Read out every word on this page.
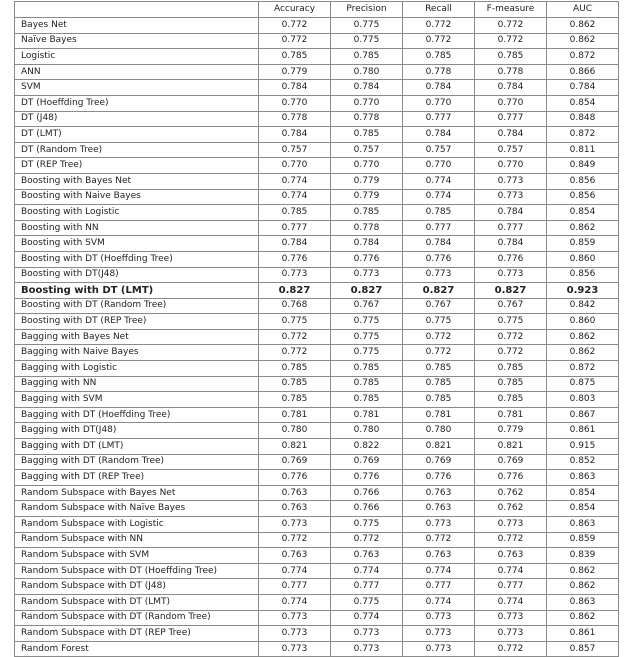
	Accuracy	Precision	Recall	F-measure	AUC
Bayes Net	0.772	0.775	0.772	0.772	0.862
Naïve Bayes	0.772	0.775	0.772	0.772	0.862
Logistic	0.785	0.785	0.785	0.785	0.872
ANN	0.779	0.780	0.778	0.778	0.866
SVM	0.784	0.784	0.784	0.784	0.784
DT (Hoeffding Tree)	0.770	0.770	0.770	0.770	0.854
DT (J48)	0.778	0.778	0.777	0.777	0.848
DT (LMT)	0.784	0.785	0.784	0.784	0.872
DT (Random Tree)	0.757	0.757	0.757	0.757	0.811
DT (REP Tree)	0.770	0.770	0.770	0.770	0.849
Boosting with Bayes Net	0.774	0.779	0.774	0.773	0.856
Boosting with Naive Bayes	0.774	0.779	0.774	0.773	0.856
Boosting with Logistic	0.785	0.785	0.785	0.784	0.854
Boosting with NN	0.777	0.778	0.777	0.777	0.862
Boosting with SVM	0.784	0.784	0.784	0.784	0.859
Boosting with DT (Hoeffding Tree)	0.776	0.776	0.776	0.776	0.860
Boosting with DT(J48)	0.773	0.773	0.773	0.773	0.856
Boosting with DT (LMT)	0.827	0.827	0.827	0.827	0.923
Boosting with DT (Random Tree)	0.768	0.767	0.767	0.767	0.842
Boosting with DT (REP Tree)	0.775	0.775	0.775	0.775	0.860
Bagging with Bayes Net	0.772	0.775	0.772	0.772	0.862
Bagging with Naive Bayes	0.772	0.775	0.772	0.772	0.862
Bagging with Logistic	0.785	0.785	0.785	0.785	0.872
Bagging with NN	0.785	0.785	0.785	0.785	0.875
Bagging with SVM	0.785	0.785	0.785	0.785	0.803
Bagging with DT (Hoeffding Tree)	0.781	0.781	0.781	0.781	0.867
Bagging with DT(J48)	0.780	0.780	0.780	0.779	0.861
Bagging with DT (LMT)	0.821	0.822	0.821	0.821	0.915
Bagging with DT (Random Tree)	0.769	0.769	0.769	0.769	0.852
Bagging with DT (REP Tree)	0.776	0.776	0.776	0.776	0.863
Random Subspace with Bayes Net	0.763	0.766	0.763	0.762	0.854
Random Subspace with Naïve Bayes	0.763	0.766	0.763	0.762	0.854
Random Subspace with Logistic	0.773	0.775	0.773	0.773	0.863
Random Subspace with NN	0.772	0.772	0.772	0.772	0.859
Random Subspace with SVM	0.763	0.763	0.763	0.763	0.839
Random Subspace with DT (Hoeffding Tree)	0.774	0.774	0.774	0.774	0.862
Random Subspace with DT (J48)	0.777	0.777	0.777	0.777	0.862
Random Subspace with DT (LMT)	0.774	0.775	0.774	0.774	0.863
Random Subspace with DT (Random Tree)	0.773	0.774	0.773	0.773	0.862
Random Subspace with DT (REP Tree)	0.773	0.773	0.773	0.773	0.861
Random Forest	0.773	0.773	0.773	0.772	0.857
